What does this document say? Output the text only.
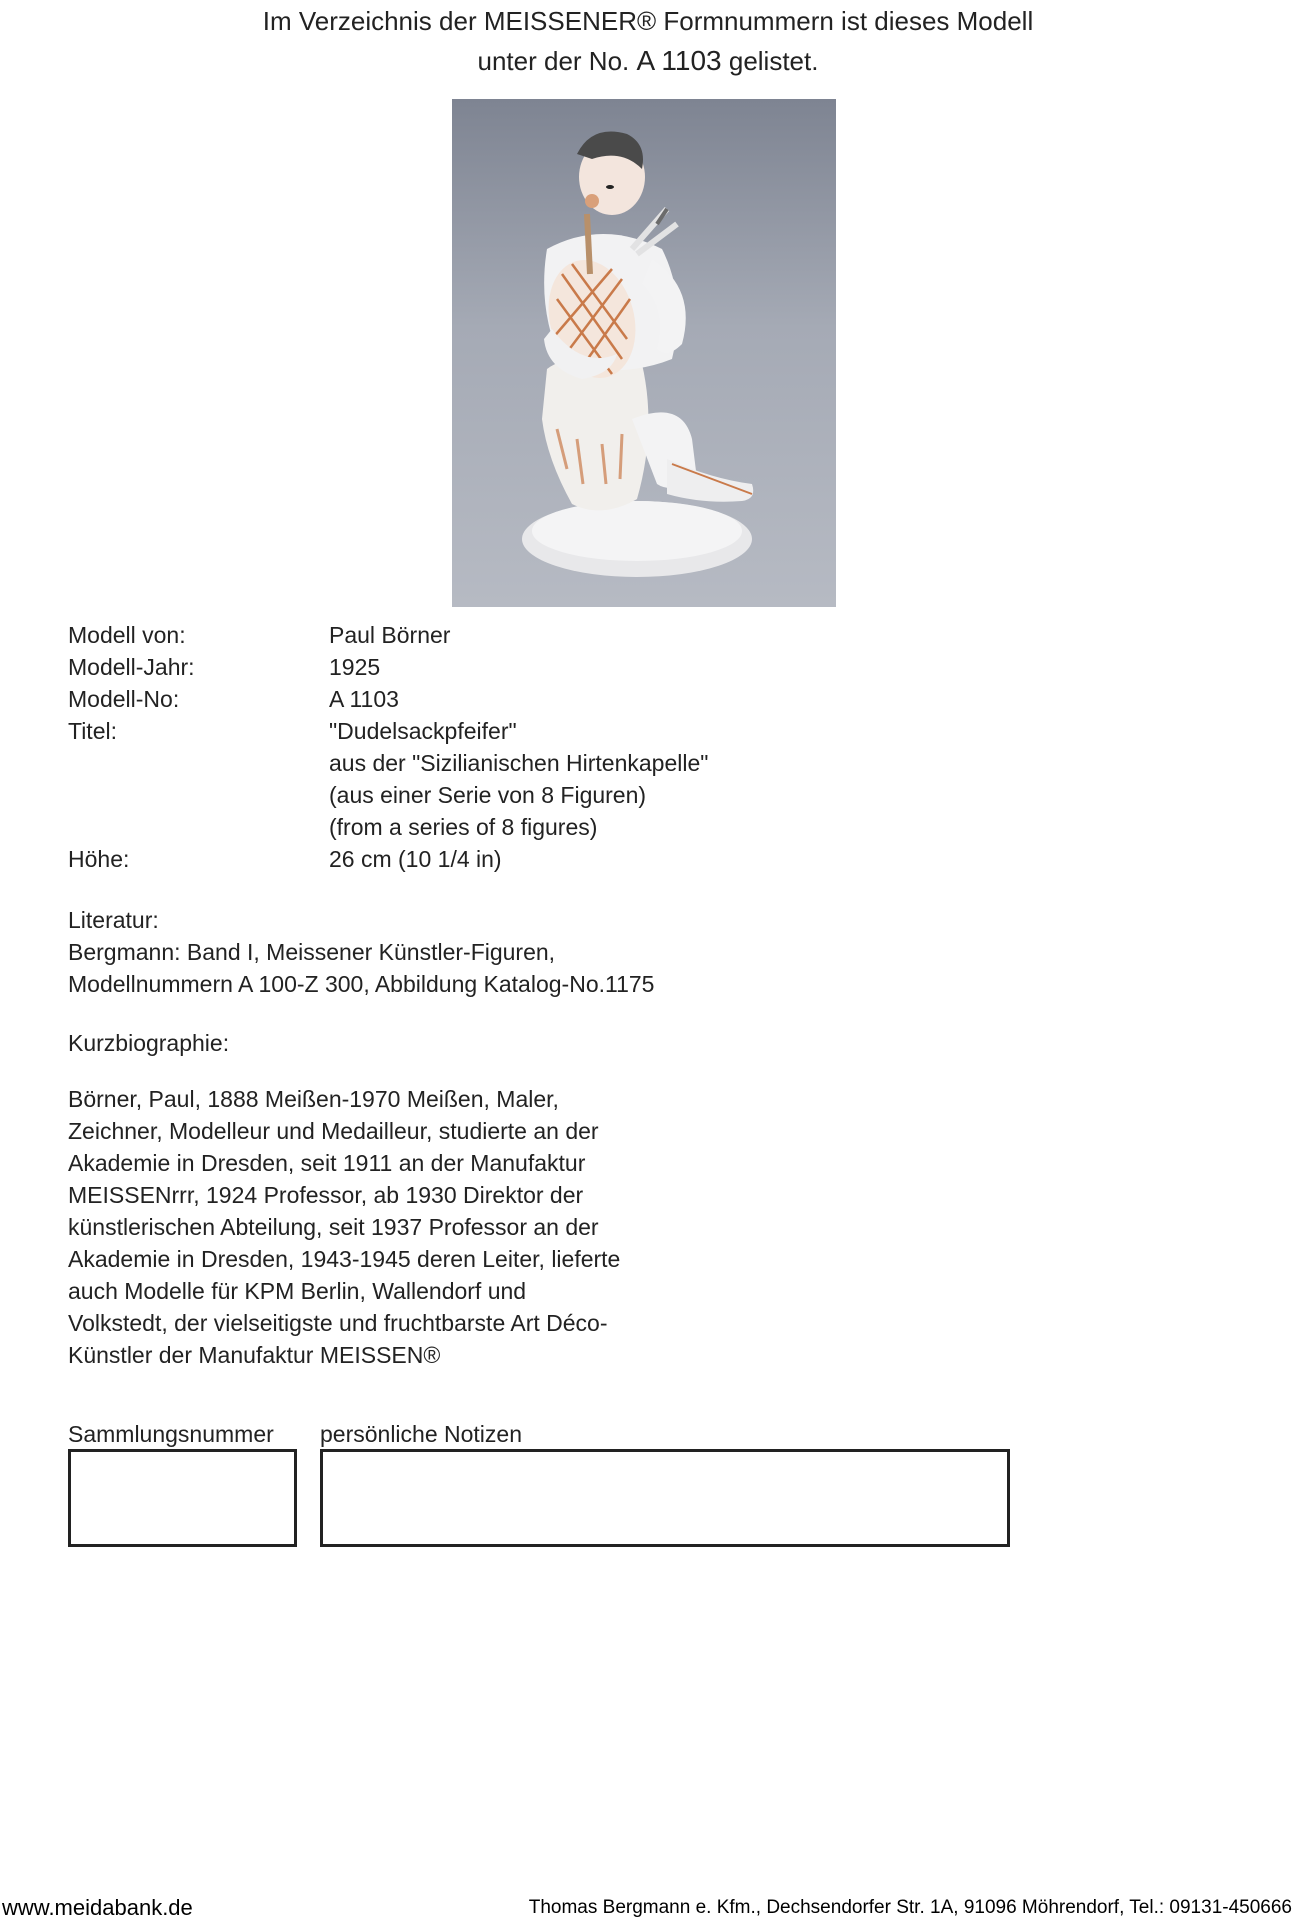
Im Verzeichnis der MEISSENER® Formnummern ist dieses Modell
unter der No. A 1103 gelistet.
Modell von:	Paul Börner
Modell-Jahr:	1925
Modell-No:	A 1103
Titel:	"Dudelsackpfeifer"
aus der "Sizilianischen Hirtenkapelle"
(aus einer Serie von 8 Figuren)
(from a series of 8 figures)
Höhe:	26 cm (10 1/4 in)
Literatur:
Bergmann: Band I, Meissener Künstler-Figuren,
Modellnummern A 100-Z 300, Abbildung Katalog-No.1175
Kurzbiographie:
Börner, Paul, 1888 Meißen-1970 Meißen, Maler,
Zeichner, Modelleur und Medailleur, studierte an der
Akademie in Dresden, seit 1911 an der Manufaktur
MEISSENrrr, 1924 Professor, ab 1930 Direktor der
künstlerischen Abteilung, seit 1937 Professor an der
Akademie in Dresden, 1943-1945 deren Leiter, lieferte
auch Modelle für KPM Berlin, Wallendorf und
Volkstedt, der vielseitigste und fruchtbarste Art Déco-
Künstler der Manufaktur MEISSEN®
Sammlungsnummer persönliche Notizen
www.meidabank.de	Thomas Bergmann e. Kfm., Dechsendorfer Str. 1A, 91096 Möhrendorf, Tel.: 09131-450666
